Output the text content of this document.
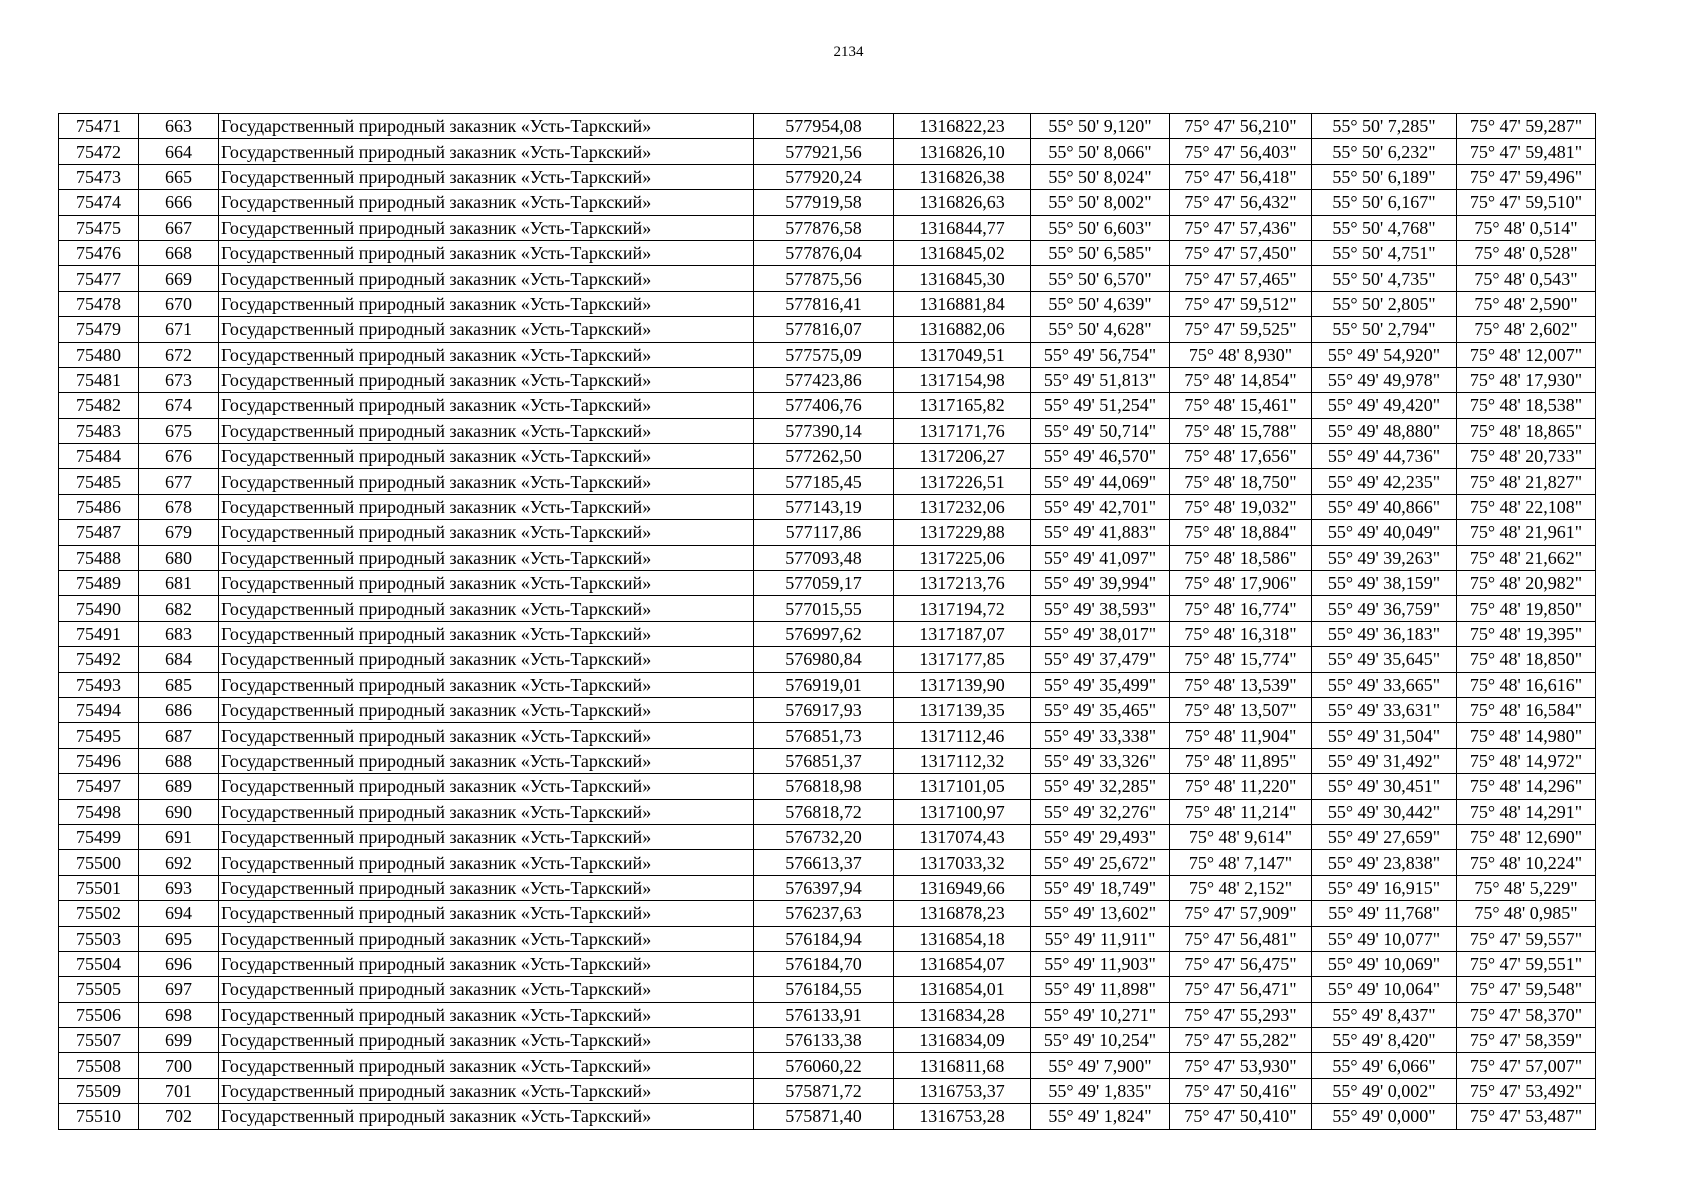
2134
75471	663	Государственный природный заказник «Усть-Таркский»	577954,08	1316822,23	55° 50' 9,120"	75° 47' 56,210"	55° 50' 7,285"	75° 47' 59,287"
75472	664	Государственный природный заказник «Усть-Таркский»	577921,56	1316826,10	55° 50' 8,066"	75° 47' 56,403"	55° 50' 6,232"	75° 47' 59,481"
75473	665	Государственный природный заказник «Усть-Таркский»	577920,24	1316826,38	55° 50' 8,024"	75° 47' 56,418"	55° 50' 6,189"	75° 47' 59,496"
75474	666	Государственный природный заказник «Усть-Таркский»	577919,58	1316826,63	55° 50' 8,002"	75° 47' 56,432"	55° 50' 6,167"	75° 47' 59,510"
75475	667	Государственный природный заказник «Усть-Таркский»	577876,58	1316844,77	55° 50' 6,603"	75° 47' 57,436"	55° 50' 4,768"	75° 48' 0,514"
75476	668	Государственный природный заказник «Усть-Таркский»	577876,04	1316845,02	55° 50' 6,585"	75° 47' 57,450"	55° 50' 4,751"	75° 48' 0,528"
75477	669	Государственный природный заказник «Усть-Таркский»	577875,56	1316845,30	55° 50' 6,570"	75° 47' 57,465"	55° 50' 4,735"	75° 48' 0,543"
75478	670	Государственный природный заказник «Усть-Таркский»	577816,41	1316881,84	55° 50' 4,639"	75° 47' 59,512"	55° 50' 2,805"	75° 48' 2,590"
75479	671	Государственный природный заказник «Усть-Таркский»	577816,07	1316882,06	55° 50' 4,628"	75° 47' 59,525"	55° 50' 2,794"	75° 48' 2,602"
75480	672	Государственный природный заказник «Усть-Таркский»	577575,09	1317049,51	55° 49' 56,754"	75° 48' 8,930"	55° 49' 54,920"	75° 48' 12,007"
75481	673	Государственный природный заказник «Усть-Таркский»	577423,86	1317154,98	55° 49' 51,813"	75° 48' 14,854"	55° 49' 49,978"	75° 48' 17,930"
75482	674	Государственный природный заказник «Усть-Таркский»	577406,76	1317165,82	55° 49' 51,254"	75° 48' 15,461"	55° 49' 49,420"	75° 48' 18,538"
75483	675	Государственный природный заказник «Усть-Таркский»	577390,14	1317171,76	55° 49' 50,714"	75° 48' 15,788"	55° 49' 48,880"	75° 48' 18,865"
75484	676	Государственный природный заказник «Усть-Таркский»	577262,50	1317206,27	55° 49' 46,570"	75° 48' 17,656"	55° 49' 44,736"	75° 48' 20,733"
75485	677	Государственный природный заказник «Усть-Таркский»	577185,45	1317226,51	55° 49' 44,069"	75° 48' 18,750"	55° 49' 42,235"	75° 48' 21,827"
75486	678	Государственный природный заказник «Усть-Таркский»	577143,19	1317232,06	55° 49' 42,701"	75° 48' 19,032"	55° 49' 40,866"	75° 48' 22,108"
75487	679	Государственный природный заказник «Усть-Таркский»	577117,86	1317229,88	55° 49' 41,883"	75° 48' 18,884"	55° 49' 40,049"	75° 48' 21,961"
75488	680	Государственный природный заказник «Усть-Таркский»	577093,48	1317225,06	55° 49' 41,097"	75° 48' 18,586"	55° 49' 39,263"	75° 48' 21,662"
75489	681	Государственный природный заказник «Усть-Таркский»	577059,17	1317213,76	55° 49' 39,994"	75° 48' 17,906"	55° 49' 38,159"	75° 48' 20,982"
75490	682	Государственный природный заказник «Усть-Таркский»	577015,55	1317194,72	55° 49' 38,593"	75° 48' 16,774"	55° 49' 36,759"	75° 48' 19,850"
75491	683	Государственный природный заказник «Усть-Таркский»	576997,62	1317187,07	55° 49' 38,017"	75° 48' 16,318"	55° 49' 36,183"	75° 48' 19,395"
75492	684	Государственный природный заказник «Усть-Таркский»	576980,84	1317177,85	55° 49' 37,479"	75° 48' 15,774"	55° 49' 35,645"	75° 48' 18,850"
75493	685	Государственный природный заказник «Усть-Таркский»	576919,01	1317139,90	55° 49' 35,499"	75° 48' 13,539"	55° 49' 33,665"	75° 48' 16,616"
75494	686	Государственный природный заказник «Усть-Таркский»	576917,93	1317139,35	55° 49' 35,465"	75° 48' 13,507"	55° 49' 33,631"	75° 48' 16,584"
75495	687	Государственный природный заказник «Усть-Таркский»	576851,73	1317112,46	55° 49' 33,338"	75° 48' 11,904"	55° 49' 31,504"	75° 48' 14,980"
75496	688	Государственный природный заказник «Усть-Таркский»	576851,37	1317112,32	55° 49' 33,326"	75° 48' 11,895"	55° 49' 31,492"	75° 48' 14,972"
75497	689	Государственный природный заказник «Усть-Таркский»	576818,98	1317101,05	55° 49' 32,285"	75° 48' 11,220"	55° 49' 30,451"	75° 48' 14,296"
75498	690	Государственный природный заказник «Усть-Таркский»	576818,72	1317100,97	55° 49' 32,276"	75° 48' 11,214"	55° 49' 30,442"	75° 48' 14,291"
75499	691	Государственный природный заказник «Усть-Таркский»	576732,20	1317074,43	55° 49' 29,493"	75° 48' 9,614"	55° 49' 27,659"	75° 48' 12,690"
75500	692	Государственный природный заказник «Усть-Таркский»	576613,37	1317033,32	55° 49' 25,672"	75° 48' 7,147"	55° 49' 23,838"	75° 48' 10,224"
75501	693	Государственный природный заказник «Усть-Таркский»	576397,94	1316949,66	55° 49' 18,749"	75° 48' 2,152"	55° 49' 16,915"	75° 48' 5,229"
75502	694	Государственный природный заказник «Усть-Таркский»	576237,63	1316878,23	55° 49' 13,602"	75° 47' 57,909"	55° 49' 11,768"	75° 48' 0,985"
75503	695	Государственный природный заказник «Усть-Таркский»	576184,94	1316854,18	55° 49' 11,911"	75° 47' 56,481"	55° 49' 10,077"	75° 47' 59,557"
75504	696	Государственный природный заказник «Усть-Таркский»	576184,70	1316854,07	55° 49' 11,903"	75° 47' 56,475"	55° 49' 10,069"	75° 47' 59,551"
75505	697	Государственный природный заказник «Усть-Таркский»	576184,55	1316854,01	55° 49' 11,898"	75° 47' 56,471"	55° 49' 10,064"	75° 47' 59,548"
75506	698	Государственный природный заказник «Усть-Таркский»	576133,91	1316834,28	55° 49' 10,271"	75° 47' 55,293"	55° 49' 8,437"	75° 47' 58,370"
75507	699	Государственный природный заказник «Усть-Таркский»	576133,38	1316834,09	55° 49' 10,254"	75° 47' 55,282"	55° 49' 8,420"	75° 47' 58,359"
75508	700	Государственный природный заказник «Усть-Таркский»	576060,22	1316811,68	55° 49' 7,900"	75° 47' 53,930"	55° 49' 6,066"	75° 47' 57,007"
75509	701	Государственный природный заказник «Усть-Таркский»	575871,72	1316753,37	55° 49' 1,835"	75° 47' 50,416"	55° 49' 0,002"	75° 47' 53,492"
75510	702	Государственный природный заказник «Усть-Таркский»	575871,40	1316753,28	55° 49' 1,824"	75° 47' 50,410"	55° 49' 0,000"	75° 47' 53,487"
